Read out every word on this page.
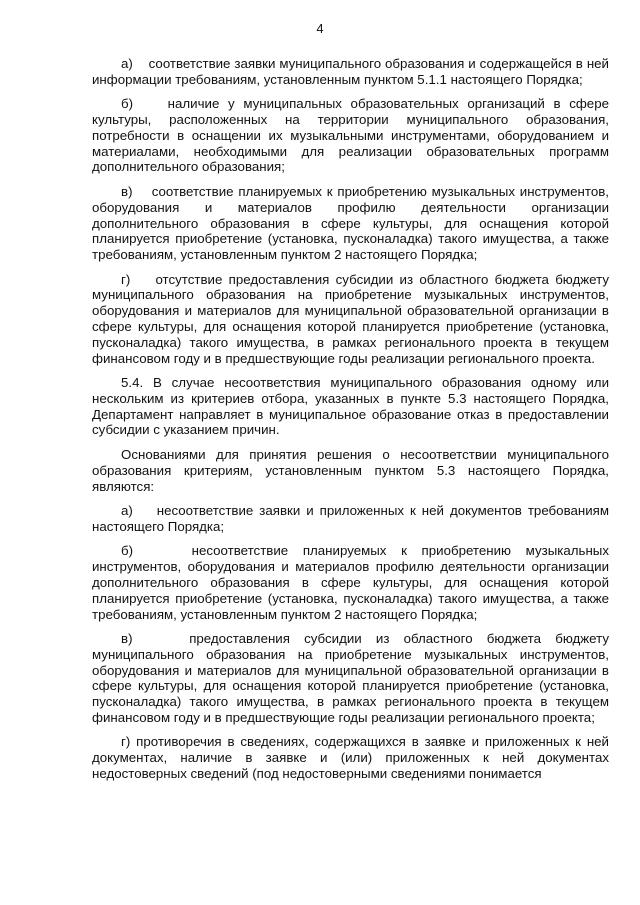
4

а)    соответствие заявки муниципального образования и содержащейся в ней информации требованиям, установленным пунктом 5.1.1 настоящего Порядка;

б)    наличие у муниципальных образовательных организаций в сфере культуры, расположенных на территории муниципального образования, потребности в оснащении их музыкальными инструментами, оборудованием и материалами, необходимыми для реализации образовательных программ дополнительного образования;

в)    соответствие планируемых к приобретению музыкальных инструментов, оборудования и материалов профилю деятельности организации дополнительного образования в сфере культуры, для оснащения которой планируется приобретение (установка, пусконаладка) такого имущества, а также требованиям, установленным пунктом 2 настоящего Порядка;

г)    отсутствие предоставления субсидии из областного бюджета бюджету муниципального образования на приобретение музыкальных инструментов, оборудования и материалов для муниципальной образовательной организации в сфере культуры, для оснащения которой планируется приобретение (установка, пусконаладка) такого имущества, в рамках регионального проекта в текущем финансовом году и в предшествующие годы реализации регионального проекта.

5.4. В случае несоответствия муниципального образования одному или нескольким из критериев отбора, указанных в пункте 5.3 настоящего Порядка, Департамент направляет в муниципальное образование отказ в предоставлении субсидии с указанием причин.

Основаниями для принятия решения о несоответствии муниципального образования критериям, установленным пунктом 5.3 настоящего Порядка, являются:

а)    несоответствие заявки и приложенных к ней документов требованиям настоящего Порядка;

б)    несоответствие планируемых к приобретению музыкальных инструментов, оборудования и материалов профилю деятельности организации дополнительного образования в сфере культуры, для оснащения которой планируется приобретение (установка, пусконаладка) такого имущества, а также требованиям, установленным пунктом 2 настоящего Порядка;

в)    предоставления субсидии из областного бюджета бюджету муниципального образования на приобретение музыкальных инструментов, оборудования и материалов для муниципальной образовательной организации в сфере культуры, для оснащения которой планируется приобретение (установка, пусконаладка) такого имущества, в рамках регионального проекта в текущем финансовом году и в предшествующие годы реализации регионального проекта;

г) противоречия в сведениях, содержащихся в заявке и приложенных к ней документах, наличие в заявке и (или) приложенных к ней документах недостоверных сведений (под недостоверными сведениями понимается
